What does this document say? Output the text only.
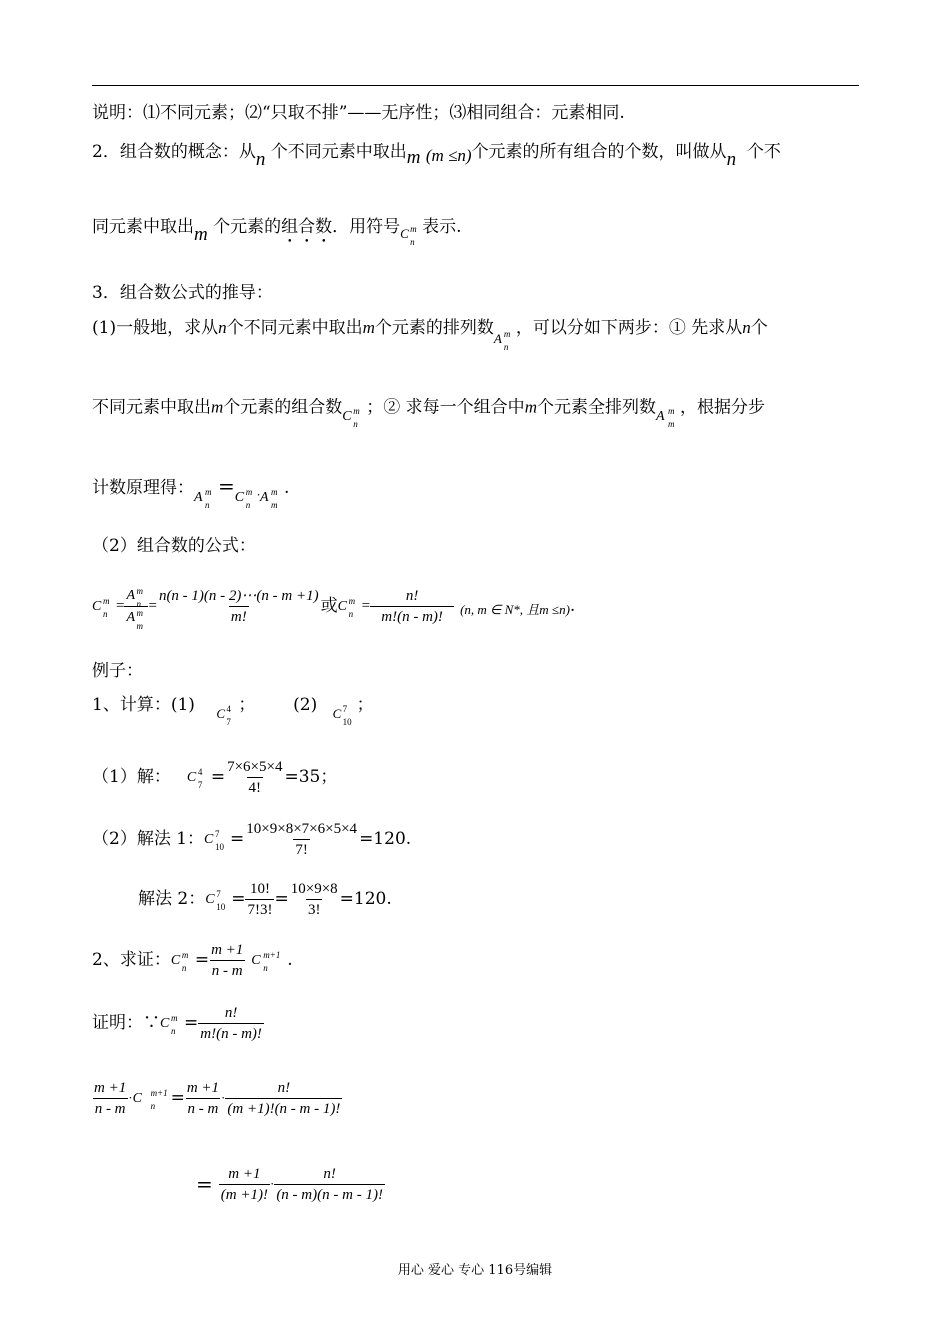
说明：⑴不同元素；⑵“只取不排”——无序性；⑶相同组合：元素相同.
2．组合数的概念：从n 个不同元素中取出m (m ≤n)个元素的所有组合的个数，叫做从n 个不
同元素中取出m 个元素的组合数．用符号C m
n
表示.
3．组合数公式的推导：
(1)一般地，求从n个不同元素中取出m个元素的排列数A m
n
，可以分如下两步：① 先求从n个
不同元素中取出m个元素的组合数C m
n
；② 求每一个组合中m个元素全排列数A m
m
，根据分步
计数原理得：A m
n
=C m
n
$_\cdot$A m
m
.
（2）组合数的公式：
C m
n = A m
n
A m
$m = \frac{n(n - 1)(n - 2)\cdots(n - m +1)}{m!}$ 或 C m
$n = \frac{n!}{m!(n - m)!} (n$, m ∈ N*, 且m ≤n) .
例子：
1、计算：(1) C 4
7
； (2) C 7
10
；
（1）解： C 4
$7 = \frac{7\times 6\times 5\times 4}{4!} =35$；
（2）解法 1： C 7
$10 = \frac{10\times 9\times 8\times 7\times 6\times 5\times 4}{7!} =120$.
解法 2： C 7
$10 = \frac{10!}{7!3!} = \frac{10\times 9\times 8}{3!} =120$.
2、求证： C m
$n = \frac{m +1}{n - m}$ C m+1
n .
证明：∵ C m
$n = \frac{n!}{m!(n - m)!}$
$\frac{m +1}{n - m} \cdot C$ m+1
$n = \frac{m +1}{n - m} \cdot \frac{n!}{(m +1)!(n - m - 1)!}$
= $\frac{m +1}{(m +1)!} \cdot \frac{n!}{(n - m)(n - m - 1)!}$
用心 爱心 专心 116号编辑
